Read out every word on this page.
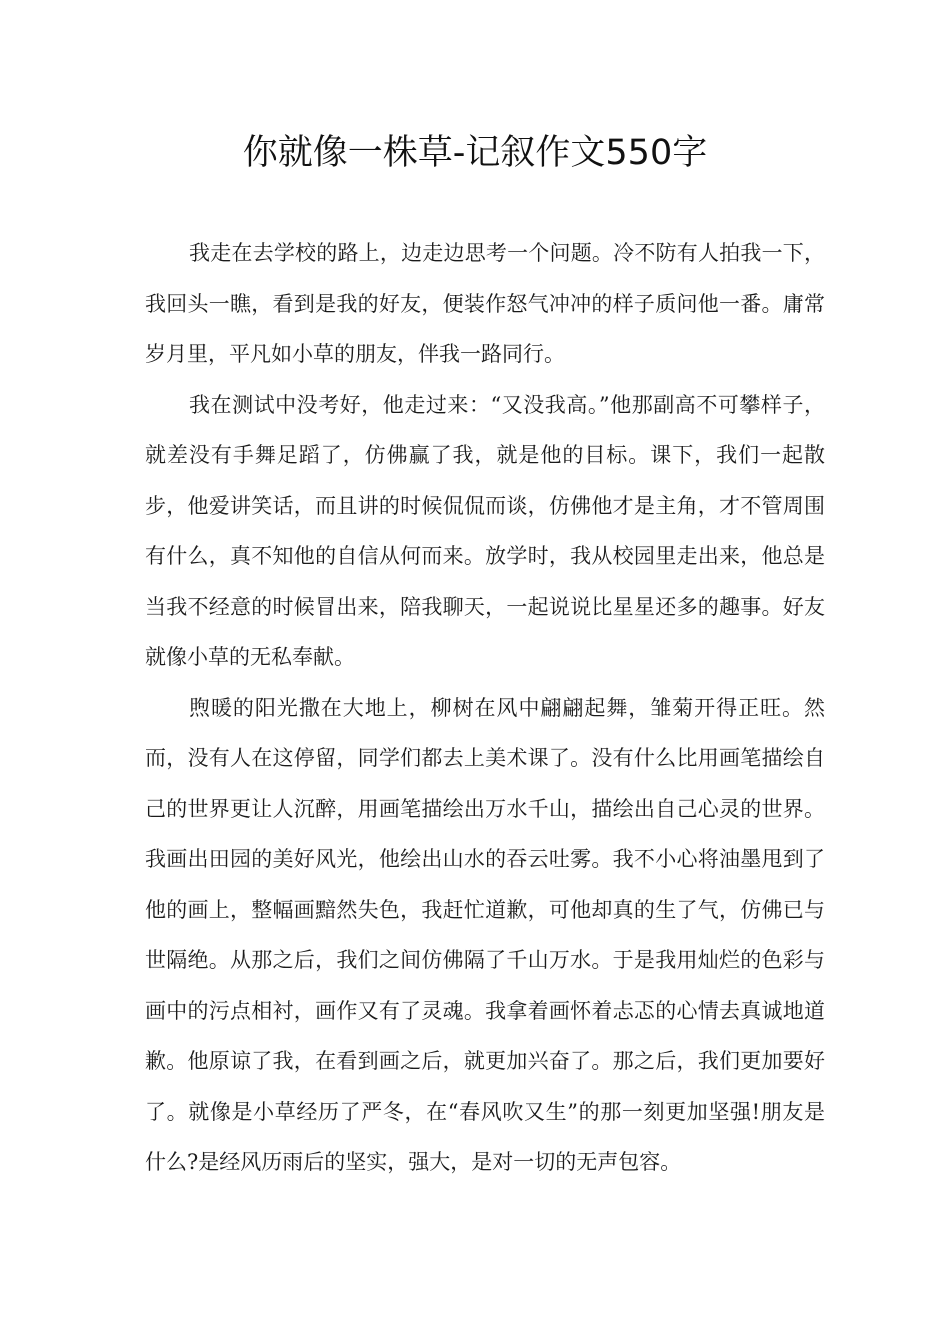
你就像一株草-记叙作文550字

我走在去学校的路上，边走边思考一个问题。冷不防有人拍我一下，我回头一瞧，看到是我的好友，便装作怒气冲冲的样子质问他一番。庸常岁月里，平凡如小草的朋友，伴我一路同行。

我在测试中没考好，他走过来：“又没我高。”他那副高不可攀样子，就差没有手舞足蹈了，仿佛赢了我，就是他的目标。课下，我们一起散步，他爱讲笑话，而且讲的时候侃侃而谈，仿佛他才是主角，才不管周围有什么，真不知他的自信从何而来。放学时，我从校园里走出来，他总是当我不经意的时候冒出来，陪我聊天，一起说说比星星还多的趣事。好友就像小草的无私奉献。

煦暖的阳光撒在大地上，柳树在风中翩翩起舞，雏菊开得正旺。然而，没有人在这停留，同学们都去上美术课了。没有什么比用画笔描绘自己的世界更让人沉醉，用画笔描绘出万水千山，描绘出自己心灵的世界。我画出田园的美好风光，他绘出山水的吞云吐雾。我不小心将油墨甩到了他的画上，整幅画黯然失色，我赶忙道歉，可他却真的生了气，仿佛已与世隔绝。从那之后，我们之间仿佛隔了千山万水。于是我用灿烂的色彩与画中的污点相衬，画作又有了灵魂。我拿着画怀着忐忑的心情去真诚地道歉。他原谅了我，在看到画之后，就更加兴奋了。那之后，我们更加要好了。就像是小草经历了严冬，在“春风吹又生”的那一刻更加坚强!朋友是什么?是经风历雨后的坚实，强大，是对一切的无声包容。
